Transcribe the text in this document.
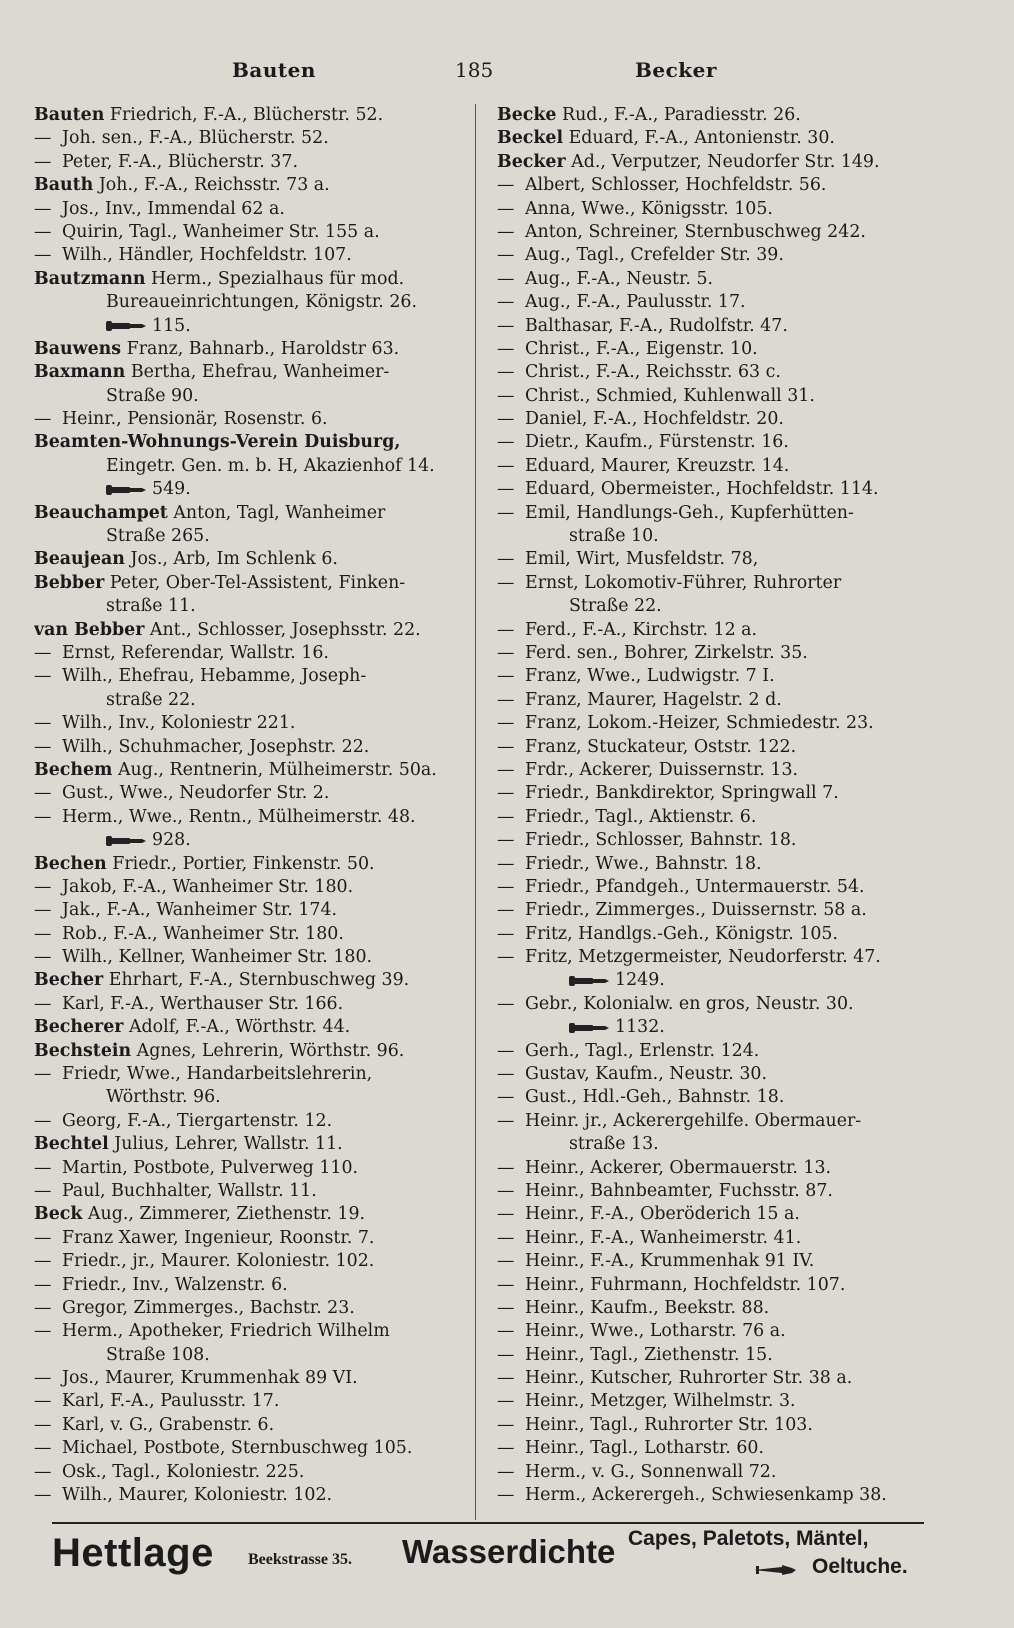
Bauten	185	Becker
Bauten Friedrich, F.-A., Blücherstr. 52.
— Joh. sen., F.-A., Blücherstr. 52.
— Peter, F.-A., Blücherstr. 37.
Bauth Joh., F.-A., Reichsstr. 73 a.
— Jos., Inv., Immendal 62 a.
— Quirin, Tagl., Wanheimer Str. 155 a.
— Wilh., Händler, Hochfeldstr. 107.
Bautzmann Herm., Spezialhaus für mod.
Bureaueinrichtungen, Königstr. 26.
115.
Bauwens Franz, Bahnarb., Haroldstr 63.
Baxmann Bertha, Ehefrau, Wanheimer-
Straße 90.
— Heinr., Pensionär, Rosenstr. 6.
Beamten-Wohnungs-Verein Duisburg,
Eingetr. Gen. m. b. H, Akazienhof 14.
549.
Beauchampet Anton, Tagl, Wanheimer
Straße 265.
Beaujean Jos., Arb, Im Schlenk 6.
Bebber Peter, Ober-Tel-Assistent, Finken-
straße 11.
van Bebber Ant., Schlosser, Josephsstr. 22.
— Ernst, Referendar, Wallstr. 16.
— Wilh., Ehefrau, Hebamme, Joseph-
straße 22.
— Wilh., Inv., Koloniestr 221.
— Wilh., Schuhmacher, Josephstr. 22.
Bechem Aug., Rentnerin, Mülheimerstr. 50a.
— Gust., Wwe., Neudorfer Str. 2.
— Herm., Wwe., Rentn., Mülheimerstr. 48.
928.
Bechen Friedr., Portier, Finkenstr. 50.
— Jakob, F.-A., Wanheimer Str. 180.
— Jak., F.-A., Wanheimer Str. 174.
— Rob., F.-A., Wanheimer Str. 180.
— Wilh., Kellner, Wanheimer Str. 180.
Becher Ehrhart, F.-A., Sternbuschweg 39.
— Karl, F.-A., Werthauser Str. 166.
Becherer Adolf, F.-A., Wörthstr. 44.
Bechstein Agnes, Lehrerin, Wörthstr. 96.
— Friedr, Wwe., Handarbeitslehrerin,
Wörthstr. 96.
— Georg, F.-A., Tiergartenstr. 12.
Bechtel Julius, Lehrer, Wallstr. 11.
— Martin, Postbote, Pulverweg 110.
— Paul, Buchhalter, Wallstr. 11.
Beck Aug., Zimmerer, Ziethenstr. 19.
— Franz Xawer, Ingenieur, Roonstr. 7.
— Friedr., jr., Maurer. Koloniestr. 102.
— Friedr., Inv., Walzenstr. 6.
— Gregor, Zimmerges., Bachstr. 23.
— Herm., Apotheker, Friedrich Wilhelm
Straße 108.
— Jos., Maurer, Krummenhak 89 VI.
— Karl, F.-A., Paulusstr. 17.
— Karl, v. G., Grabenstr. 6.
— Michael, Postbote, Sternbuschweg 105.
— Osk., Tagl., Koloniestr. 225.
— Wilh., Maurer, Koloniestr. 102.
Becke Rud., F.-A., Paradiesstr. 26.
Beckel Eduard, F.-A., Antonienstr. 30.
Becker Ad., Verputzer, Neudorfer Str. 149.
— Albert, Schlosser, Hochfeldstr. 56.
— Anna, Wwe., Königsstr. 105.
— Anton, Schreiner, Sternbuschweg 242.
— Aug., Tagl., Crefelder Str. 39.
— Aug., F.-A., Neustr. 5.
— Aug., F.-A., Paulusstr. 17.
— Balthasar, F.-A., Rudolfstr. 47.
— Christ., F.-A., Eigenstr. 10.
— Christ., F.-A., Reichsstr. 63 c.
— Christ., Schmied, Kuhlenwall 31.
— Daniel, F.-A., Hochfeldstr. 20.
— Dietr., Kaufm., Fürstenstr. 16.
— Eduard, Maurer, Kreuzstr. 14.
— Eduard, Obermeister., Hochfeldstr. 114.
— Emil, Handlungs-Geh., Kupferhütten-
straße 10.
— Emil, Wirt, Musfeldstr. 78,
— Ernst, Lokomotiv-Führer, Ruhrorter
Straße 22.
— Ferd., F.-A., Kirchstr. 12 a.
— Ferd. sen., Bohrer, Zirkelstr. 35.
— Franz, Wwe., Ludwigstr. 7 I.
— Franz, Maurer, Hagelstr. 2 d.
— Franz, Lokom.-Heizer, Schmiedestr. 23.
— Franz, Stuckateur, Oststr. 122.
— Frdr., Ackerer, Duissernstr. 13.
— Friedr., Bankdirektor, Springwall 7.
— Friedr., Tagl., Aktienstr. 6.
— Friedr., Schlosser, Bahnstr. 18.
— Friedr., Wwe., Bahnstr. 18.
— Friedr., Pfandgeh., Untermauerstr. 54.
— Friedr., Zimmerges., Duissernstr. 58 a.
— Fritz, Handlgs.-Geh., Königstr. 105.
— Fritz, Metzgermeister, Neudorferstr. 47.
1249.
— Gebr., Kolonialw. en gros, Neustr. 30.
1132.
— Gerh., Tagl., Erlenstr. 124.
— Gustav, Kaufm., Neustr. 30.
— Gust., Hdl.-Geh., Bahnstr. 18.
— Heinr. jr., Ackerergehilfe. Obermauer-
straße 13.
— Heinr., Ackerer, Obermauerstr. 13.
— Heinr., Bahnbeamter, Fuchsstr. 87.
— Heinr., F.-A., Oberöderich 15 a.
— Heinr., F.-A., Wanheimerstr. 41.
— Heinr., F.-A., Krummenhak 91 IV.
— Heinr., Fuhrmann, Hochfeldstr. 107.
— Heinr., Kaufm., Beekstr. 88.
— Heinr., Wwe., Lotharstr. 76 a.
— Heinr., Tagl., Ziethenstr. 15.
— Heinr., Kutscher, Ruhrorter Str. 38 a.
— Heinr., Metzger, Wilhelmstr. 3.
— Heinr., Tagl., Ruhrorter Str. 103.
— Heinr., Tagl., Lotharstr. 60.
— Herm., v. G., Sonnenwall 72.
— Herm., Ackerergeh., Schwiesenkamp 38.
Hettlage Beekstrasse 35. Wasserdichte Capes, Paletots, Mäntel,
Oeltuche.
